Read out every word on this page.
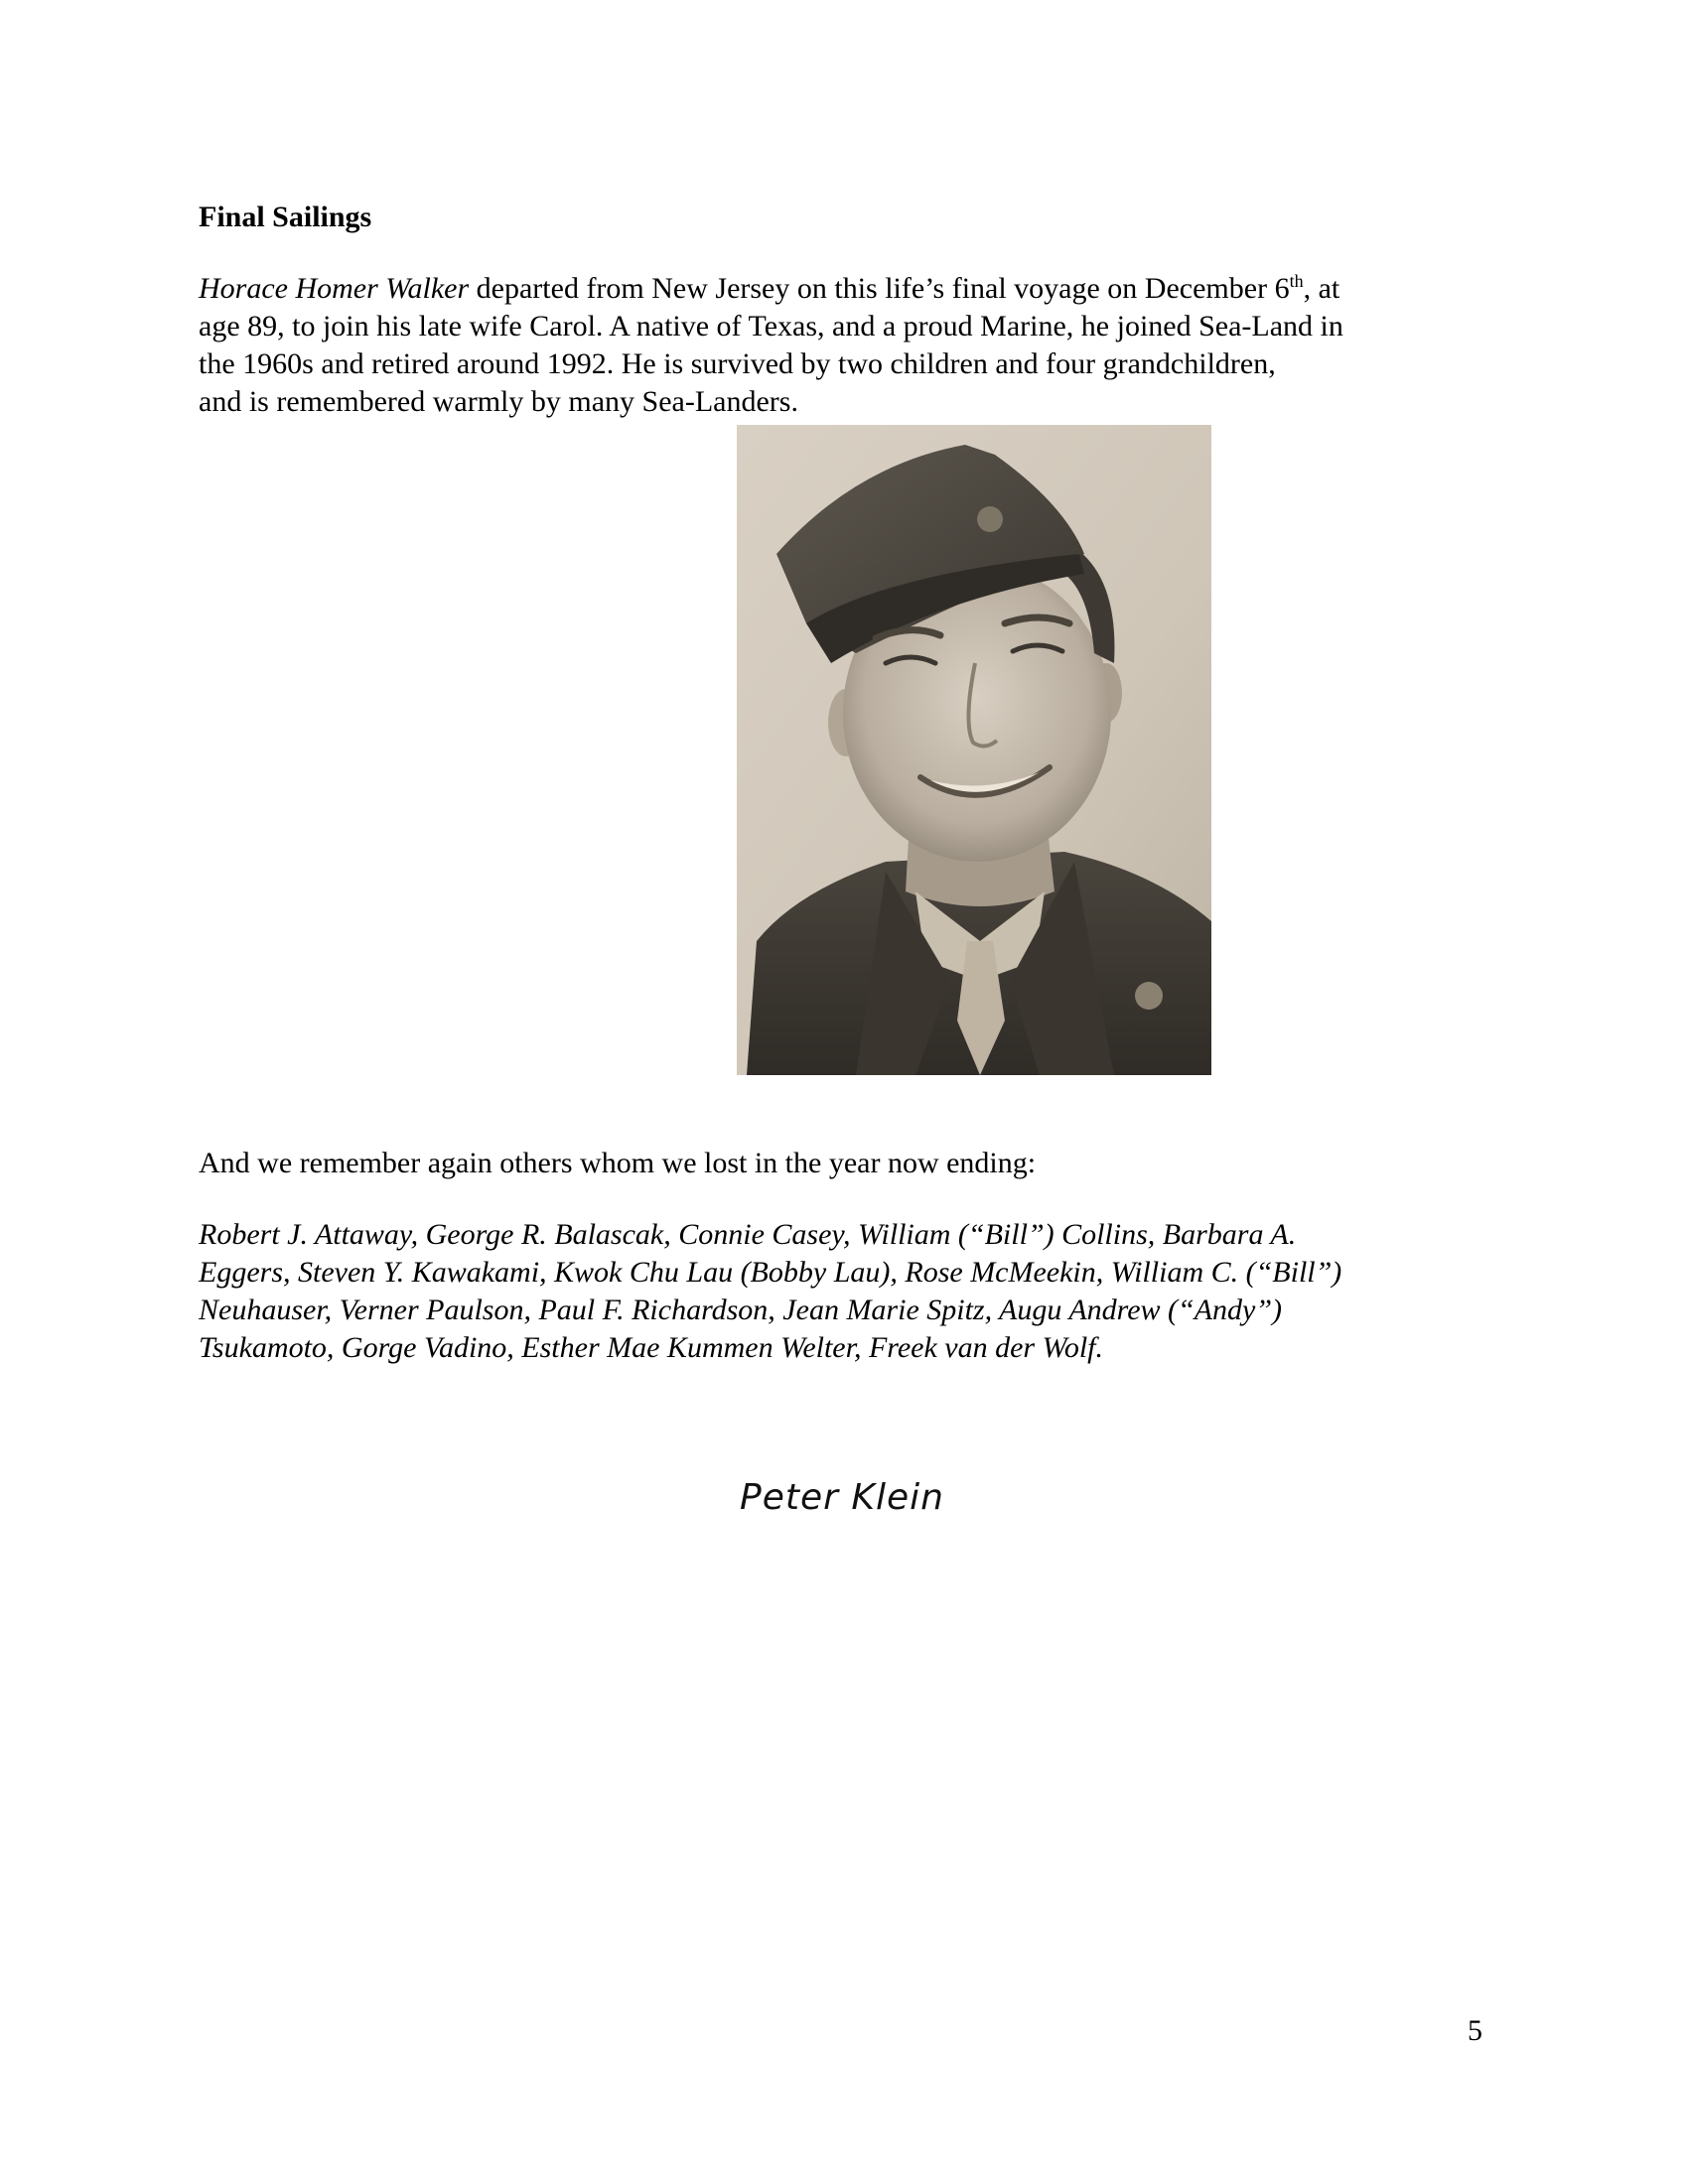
Final Sailings

Horace Homer Walker departed from New Jersey on this life’s final voyage on December 6th, at
age 89, to join his late wife Carol. A native of Texas, and a proud Marine, he joined Sea-Land in
the 1960s and retired around 1992. He is survived by two children and four grandchildren,
and is remembered warmly by many Sea-Landers.

And we remember again others whom we lost in the year now ending:

Robert J. Attaway, George R. Balascak, Connie Casey, William (“Bill”) Collins, Barbara A.
Eggers, Steven Y. Kawakami, Kwok Chu Lau (Bobby Lau), Rose McMeekin, William C. (“Bill”)
Neuhauser, Verner Paulson, Paul F. Richardson, Jean Marie Spitz, Augu Andrew (“Andy”)
Tsukamoto, Gorge Vadino, Esther Mae Kummen Welter, Freek van der Wolf.

Peter Klein

5
